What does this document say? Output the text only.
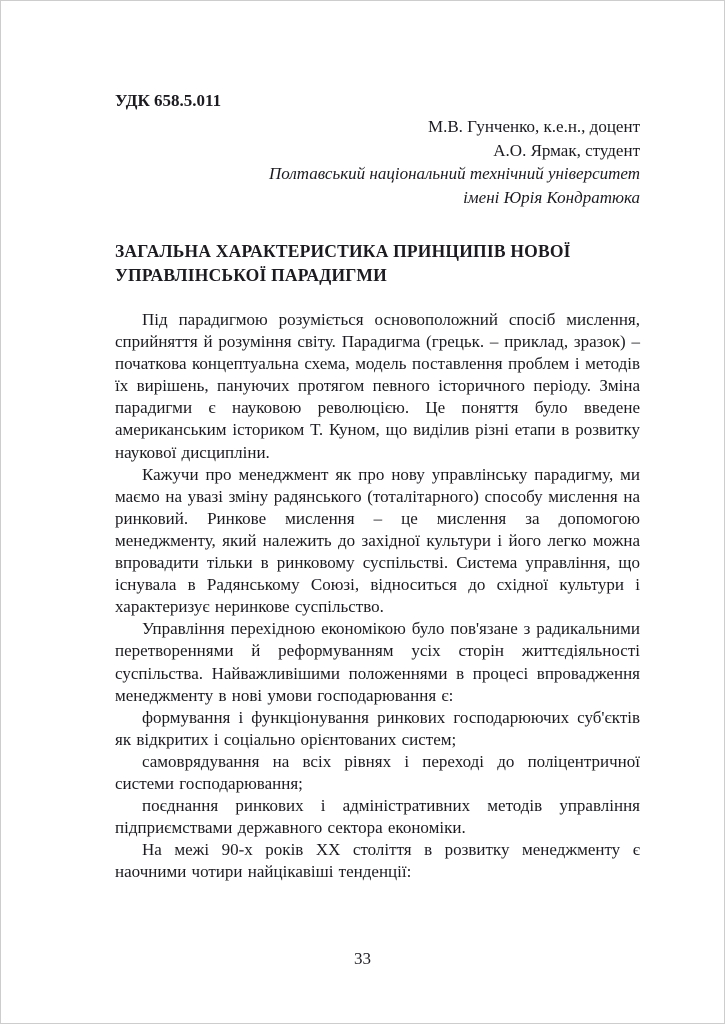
УДК 658.5.011
М.В. Гунченко, к.е.н., доцент
А.О. Ярмак, студент
Полтавський національний технічний університет
імені Юрія Кондратюка
ЗАГАЛЬНА ХАРАКТЕРИСТИКА ПРИНЦИПІВ НОВОЇ УПРАВЛІНСЬКОЇ ПАРАДИГМИ

Під парадигмою розуміється основоположний спосіб мислення, сприйняття й розуміння світу. Парадигма (грецьк. – приклад, зразок) – початкова концептуальна схема, модель поставлення проблем і методів їх вирішень, пануючих протягом певного історичного періоду. Зміна парадигми є науковою революцією. Це поняття було введене американським істориком Т. Куном, що виділив різні етапи в розвитку наукової дисципліни.

Кажучи про менеджмент як про нову управлінську парадигму, ми маємо на увазі зміну радянського (тоталітарного) способу мислення на ринковий. Ринкове мислення – це мислення за допомогою менеджменту, який належить до західної культури і його легко можна впровадити тільки в ринковому суспільстві. Система управління, що існувала в Радянському Союзі, відноситься до східної культури і характеризує неринкове суспільство.

Управління перехідною економікою було пов'язане з радикальними перетвореннями й реформуванням усіх сторін життєдіяльності суспільства. Найважливішими положеннями в процесі впровадження менеджменту в нові умови господарювання є:

формування і функціонування ринкових господарюючих суб'єктів як відкритих і соціально орієнтованих систем;

самоврядування на всіх рівнях і переході до поліцентричної системи господарювання;

поєднання ринкових і адміністративних методів управління підприємствами державного сектора економіки.

На межі 90-х років XX століття в розвитку менеджменту є наочними чотири найцікавіші тенденції:

33
